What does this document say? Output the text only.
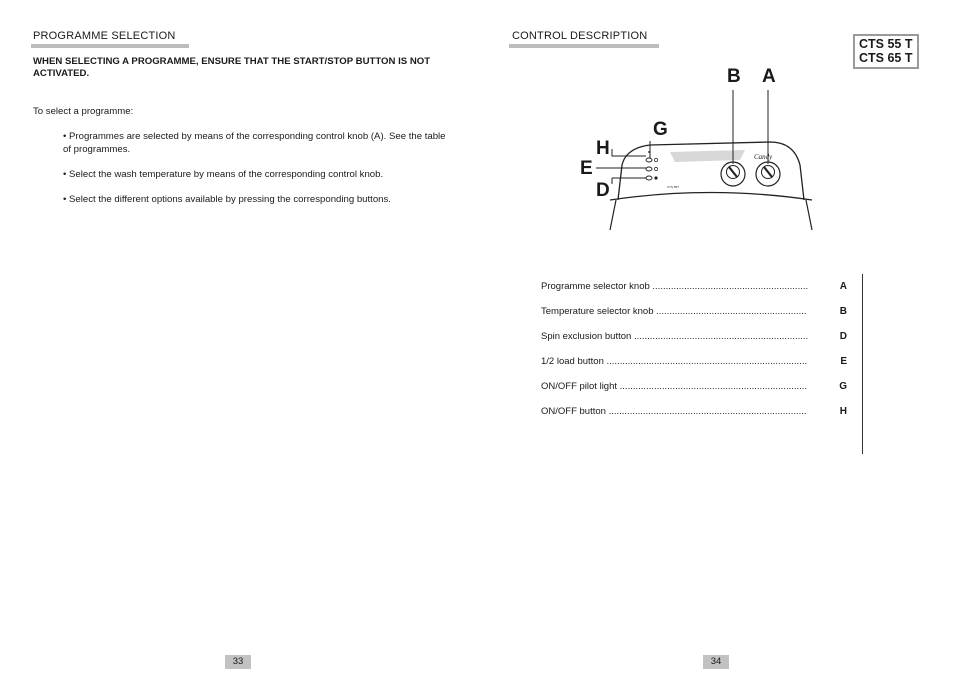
PROGRAMME SELECTION
WHEN SELECTING A PROGRAMME, ENSURE THAT THE START/STOP BUTTON IS NOT ACTIVATED.
To select a programme:
• Programmes are selected by means of the corresponding control knob (A). See the table of programmes.
• Select the wash temperature by means of the corresponding control knob.
• Select the different options available by pressing the corresponding buttons.
33
CONTROL DESCRIPTION
CTS 55 T
CTS 65 T
Candy
CTS 55T
B A
G
H
E
D
Programme selector knob ...........................................................	A
Temperature selector knob .........................................................	B
Spin exclusion button ..................................................................	D
1/2 load button ............................................................................	E
ON/OFF pilot light .......................................................................	G
ON/OFF button ...........................................................................	H
34
